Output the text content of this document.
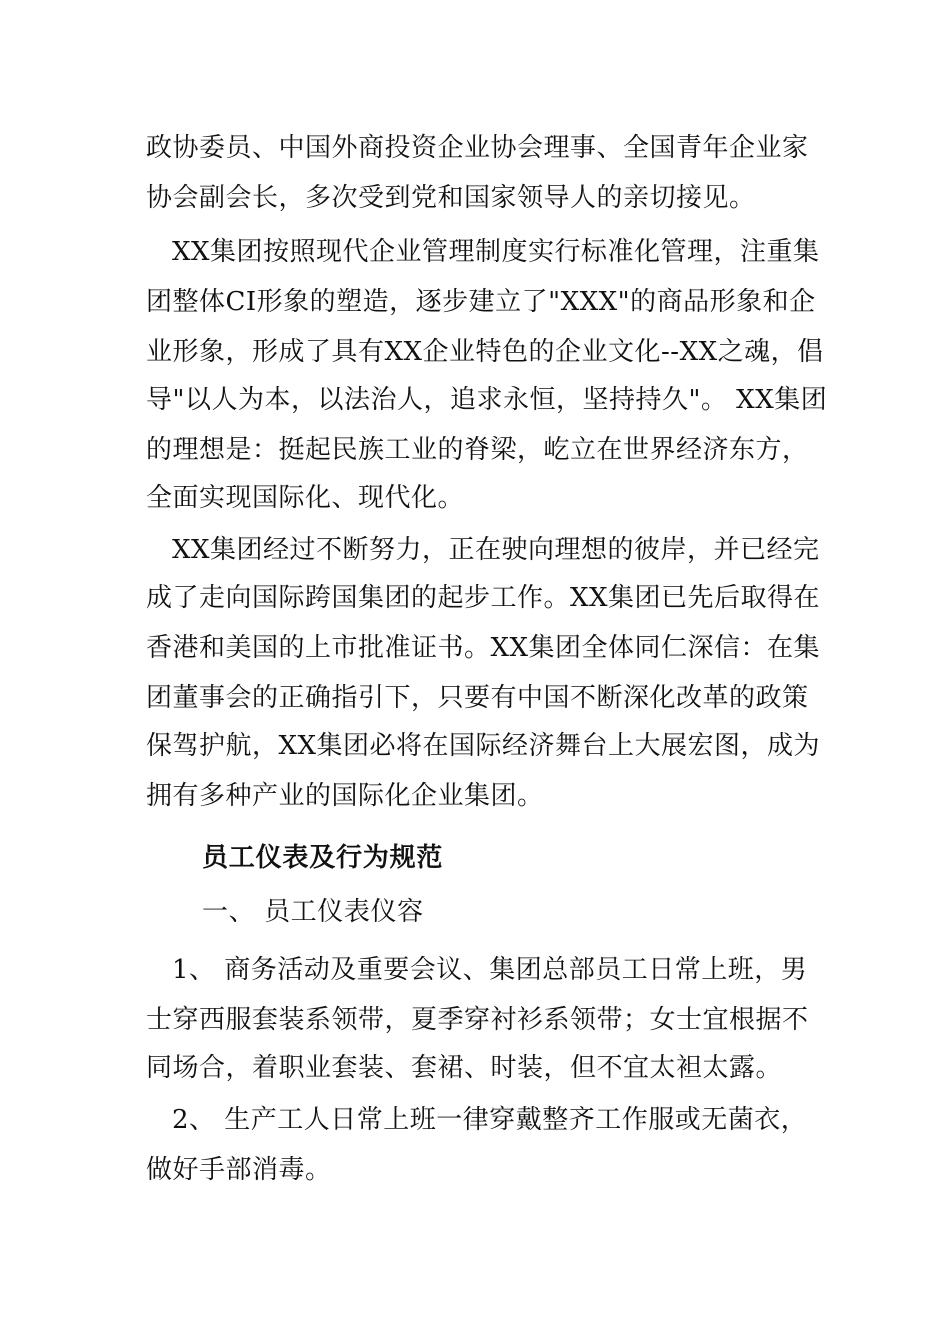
政协委员、中国外商投资企业协会理事、全国青年企业家
协会副会长，多次受到党和国家领导人的亲切接见。
XX集团按照现代企业管理制度实行标准化管理，注重集
团整体CI形象的塑造，逐步建立了"XXX"的商品形象和企
业形象，形成了具有XX企业特色的企业文化--XX之魂，倡
导"以人为本，以法治人，追求永恒，坚持持久"。 XX集团
的理想是：挺起民族工业的脊梁，屹立在世界经济东方，
全面实现国际化、现代化。
XX集团经过不断努力，正在驶向理想的彼岸，并已经完
成了走向国际跨国集团的起步工作。XX集团已先后取得在
香港和美国的上市批准证书。XX集团全体同仁深信：在集
团董事会的正确指引下，只要有中国不断深化改革的政策
保驾护航，XX集团必将在国际经济舞台上大展宏图，成为
拥有多种产业的国际化企业集团。
员工仪表及行为规范
一、 员工仪表仪容
1、 商务活动及重要会议、集团总部员工日常上班，男
士穿西服套装系领带，夏季穿衬衫系领带；女士宜根据不
同场合，着职业套装、套裙、时装，但不宜太袒太露。
2、 生产工人日常上班一律穿戴整齐工作服或无菌衣，
做好手部消毒。
